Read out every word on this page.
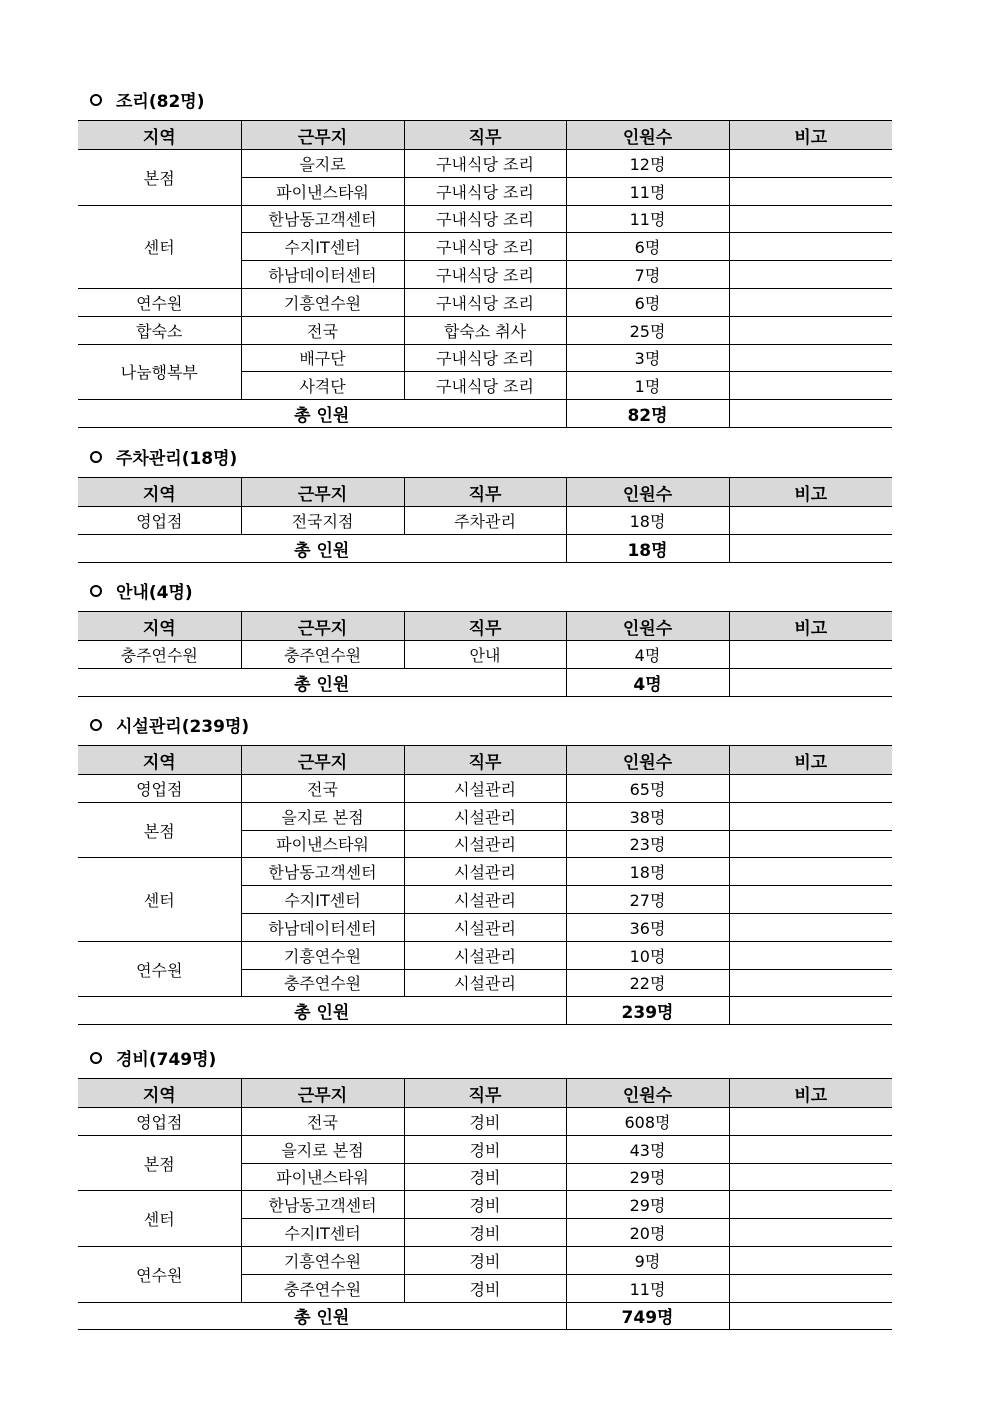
조리(82명)
지역	근무지	직무	인원수	비고
본점	을지로	구내식당 조리	12명	
	파이낸스타워	구내식당 조리	11명	
센터	한남동고객센터	구내식당 조리	11명	
	수지IT센터	구내식당 조리	6명	
	하남데이터센터	구내식당 조리	7명	
연수원	기흥연수원	구내식당 조리	6명	
합숙소	전국	합숙소 취사	25명	
나눔행복부	배구단	구내식당 조리	3명	
	사격단	구내식당 조리	1명	
총 인원			82명	
주차관리(18명)
지역	근무지	직무	인원수	비고
영업점	전국지점	주차관리	18명	
총 인원			18명	
안내(4명)
지역	근무지	직무	인원수	비고
충주연수원	충주연수원	안내	4명	
총 인원			4명	
시설관리(239명)
지역	근무지	직무	인원수	비고
영업점	전국	시설관리	65명	
본점	을지로 본점	시설관리	38명	
	파이낸스타워	시설관리	23명	
센터	한남동고객센터	시설관리	18명	
	수지IT센터	시설관리	27명	
	하남데이터센터	시설관리	36명	
연수원	기흥연수원	시설관리	10명	
	충주연수원	시설관리	22명	
총 인원			239명	
경비(749명)
지역	근무지	직무	인원수	비고
영업점	전국	경비	608명	
본점	을지로 본점	경비	43명	
	파이낸스타워	경비	29명	
센터	한남동고객센터	경비	29명	
	수지IT센터	경비	20명	
연수원	기흥연수원	경비	9명	
	충주연수원	경비	11명	
총 인원			749명	
